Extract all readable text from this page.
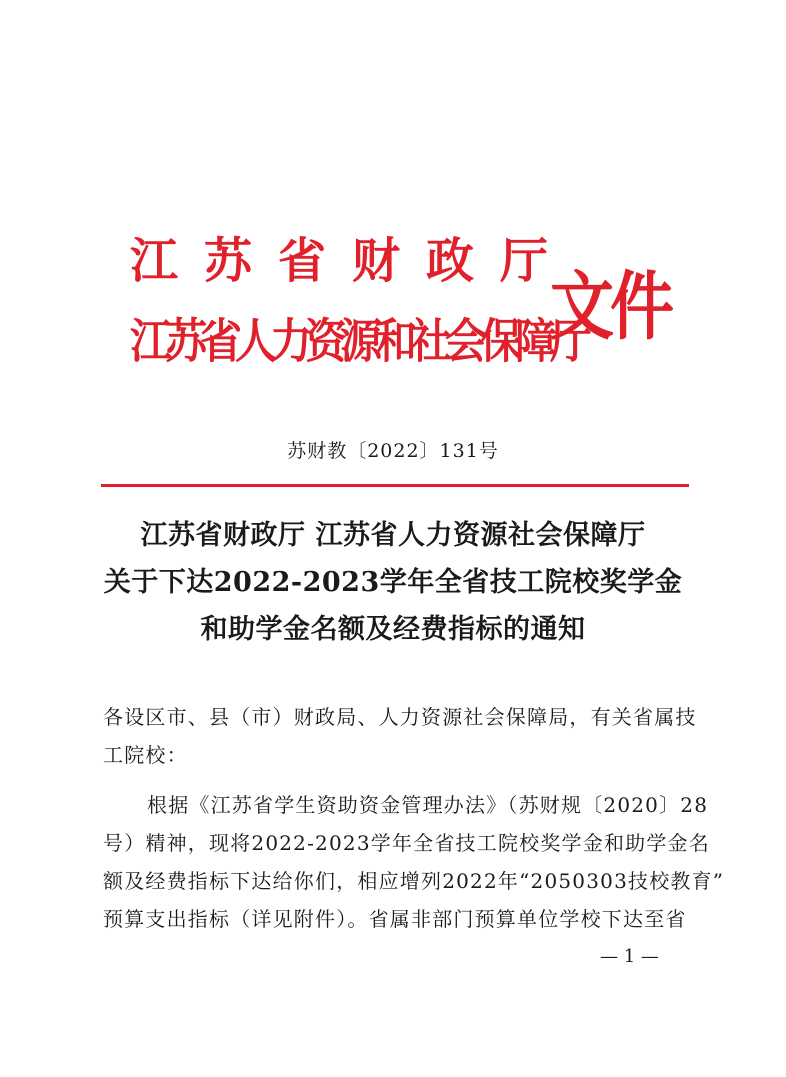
江苏省财政厅
江苏省人力资源和社会保障厅
文件
苏财教〔2022〕131号
江苏省财政厅 江苏省人力资源社会保障厅
关于下达2022-2023学年全省技工院校奖学金
和助学金名额及经费指标的通知
各设区市、县（市）财政局、人力资源社会保障局，有关省属技
工院校：
根据《江苏省学生资助资金管理办法》（苏财规〔2020〕28
号）精神，现将2022-2023学年全省技工院校奖学金和助学金名
额及经费指标下达给你们，相应增列2022年“2050303技校教育”
预算支出指标（详见附件）。省属非部门预算单位学校下达至省
— 1 —
